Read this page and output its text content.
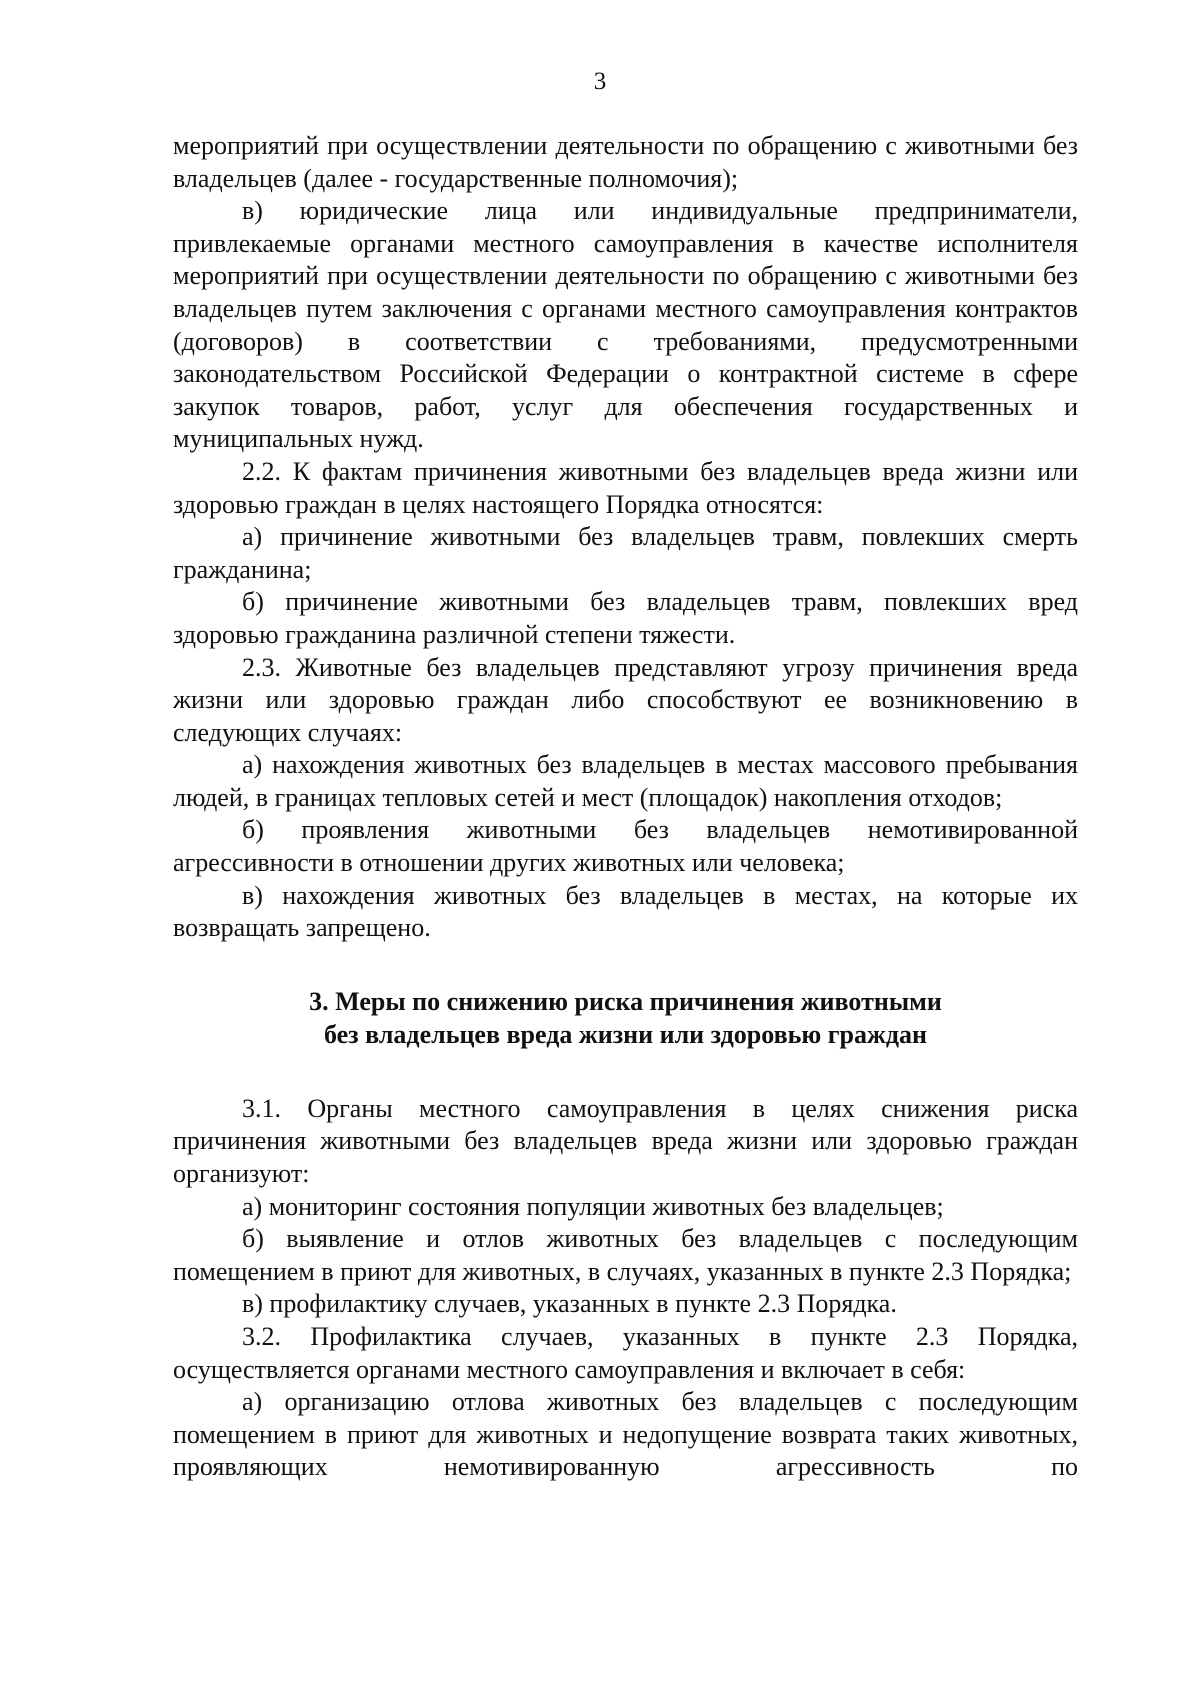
3

мероприятий при осуществлении деятельности по обращению с животными без владельцев (далее - государственные полномочия);

в) юридические лица или индивидуальные предприниматели, привлекаемые органами местного самоуправления в качестве исполнителя мероприятий при осуществлении деятельности по обращению с животными без владельцев путем заключения с органами местного самоуправления контрактов (договоров) в соответствии с требованиями, предусмотренными законодательством Российской Федерации о контрактной системе в сфере закупок товаров, работ, услуг для обеспечения государственных и муниципальных нужд.

2.2. К фактам причинения животными без владельцев вреда жизни или здоровью граждан в целях настоящего Порядка относятся:

а) причинение животными без владельцев травм, повлекших смерть гражданина;

б) причинение животными без владельцев травм, повлекших вред здоровью гражданина различной степени тяжести.

2.3. Животные без владельцев представляют угрозу причинения вреда жизни или здоровью граждан либо способствуют ее возникновению в следующих случаях:

а) нахождения животных без владельцев в местах массового пребывания людей, в границах тепловых сетей и мест (площадок) накопления отходов;

б) проявления животными без владельцев немотивированной агрессивности в отношении других животных или человека;

в) нахождения животных без владельцев в местах, на которые их возвращать запрещено.

3. Меры по снижению риска причинения животными
без владельцев вреда жизни или здоровью граждан

3.1. Органы местного самоуправления в целях снижения риска причинения животными без владельцев вреда жизни или здоровью граждан организуют:

а) мониторинг состояния популяции животных без владельцев;

б) выявление и отлов животных без владельцев с последующим помещением в приют для животных, в случаях, указанных в пункте 2.3 Порядка;

в) профилактику случаев, указанных в пункте 2.3 Порядка.

3.2. Профилактика случаев, указанных в пункте 2.3 Порядка, осуществляется органами местного самоуправления и включает в себя:

а) организацию отлова животных без владельцев с последующим помещением в приют для животных и недопущение возврата таких животных, проявляющих немотивированную агрессивность по
